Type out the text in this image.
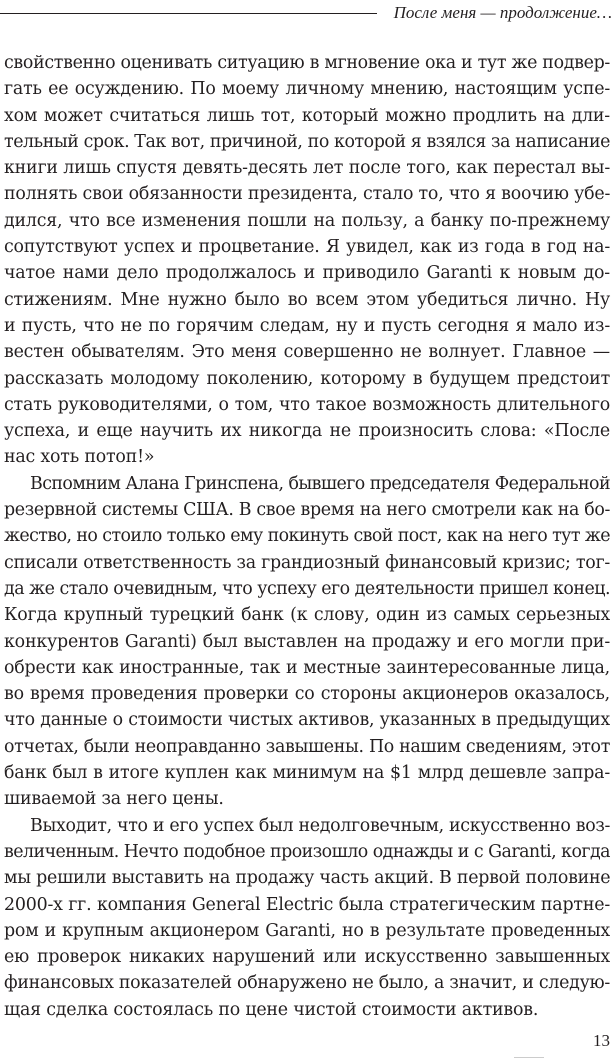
После меня — продолжение…
свойственно оценивать ситуацию в мгновение ока и тут же подвер-
гать ее осуждению. По моему личному мнению, настоящим успе-
хом может считаться лишь тот, который можно продлить на дли-
тельный срок. Так вот, причиной, по которой я взялся за написание
книги лишь спустя девять-десять лет после того, как перестал вы-
полнять свои обязанности президента, стало то, что я воочию убе-
дился, что все изменения пошли на пользу, а банку по-прежнему
сопутствуют успех и процветание. Я увидел, как из года в год на-
чатое нами дело продолжалось и приводило Garanti к новым до-
стижениям. Мне нужно было во всем этом убедиться лично. Ну
и пусть, что не по горячим следам, ну и пусть сегодня я мало из-
вестен обывателям. Это меня совершенно не волнует. Главное —
рассказать молодому поколению, которому в будущем предстоит
стать руководителями, о том, что такое возможность длительного
успеха, и еще научить их никогда не произносить слова: «После
нас хоть потоп!»
Вспомним Алана Гринспена, бывшего председателя Федеральной
резервной системы США. В свое время на него смотрели как на бо-
жество, но стоило только ему покинуть свой пост, как на него тут же
списали ответственность за грандиозный финансовый кризис; тог-
да же стало очевидным, что успеху его деятельности пришел конец.
Когда крупный турецкий банк (к слову, один из самых серьезных
конкурентов Garanti) был выставлен на продажу и его могли при-
обрести как иностранные, так и местные заинтересованные лица,
во время проведения проверки со стороны акционеров оказалось,
что данные о стоимости чистых активов, указанных в предыдущих
отчетах, были неоправданно завышены. По нашим сведениям, этот
банк был в итоге куплен как минимум на $1 млрд дешевле запра-
шиваемой за него цены.
Выходит, что и его успех был недолговечным, искусственно воз-
величенным. Нечто подобное произошло однажды и с Garanti, когда
мы решили выставить на продажу часть акций. В первой половине
2000-х гг. компания General Electric была стратегическим партне-
ром и крупным акционером Garanti, но в результате проведенных
ею проверок никаких нарушений или искусственно завышенных
финансовых показателей обнаружено не было, а значит, и следую-
щая сделка состоялась по цене чистой стоимости активов.
13
